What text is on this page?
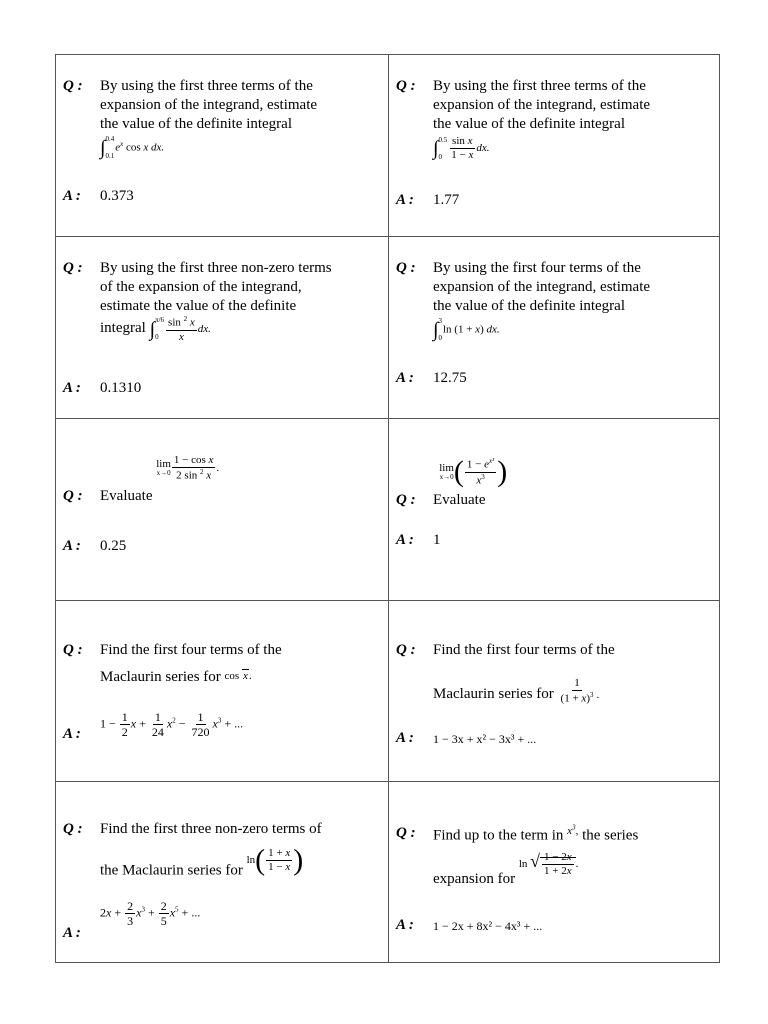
Q :	By using the first three terms of the
expansion of the integrand, estimate
the value of the definite integral
∫ 0.4
0.1
$e^x$ cos x dx.
A :	0.373
Q :	By using the first three terms of the
expansion of the integrand, estimate
the value of the definite integral
∫ 0.5
$0 \frac{\text{sin x}}{1 - x}$ dx.
A :	1.77
Q :	By using the first three non-zero terms
of the expansion of the integrand,
estimate the value of the definite
integral ∫ π/6
$0 \frac{\sin ^2 x}{x}$ dx.
A :	0.1310
Q :	By using the first four terms of the
expansion of the integrand, estimate
the value of the definite integral
∫ 3
0
ln (1 + x) dx.
A :	12.75
Q :	Evaluate
lim
$x\to 0 \frac{\text{1 − cos x}}{2 \sin ^2 x}$ .
A :	0.25
Q :	Evaluate
lim
x→0 ( $\frac{1 - e^{x^3}}{x^3}$ )
A :	1
Q :	Find the first four terms of the
Maclaurin series for cos x.
A :
$1 - \frac{1}{2}$ $x + \frac{1}{24} x^2 - \frac{1}{720} x^3$ + ...
Q :	Find the first four terms of the
Maclaurin series for $\frac{1}{(1 + x)^3}$ .
A :	1 − 3x + x² − 3x³ + ...
Q :	Find the first three non-zero terms of
the Maclaurin series for $^{ln( \frac{1 + x}{1 - x} )}$
A :
$2x + \frac{2}{3} x^3 + \frac{2}{5} x^5$ + ...
Q :	Find up to the term in $^{x^3,}$ the series
expansion for $^{ln √ \frac{1 - 2x}{1 + 2x} .}$
A :	1 − 2x + 8x² − 4x³ + ...
